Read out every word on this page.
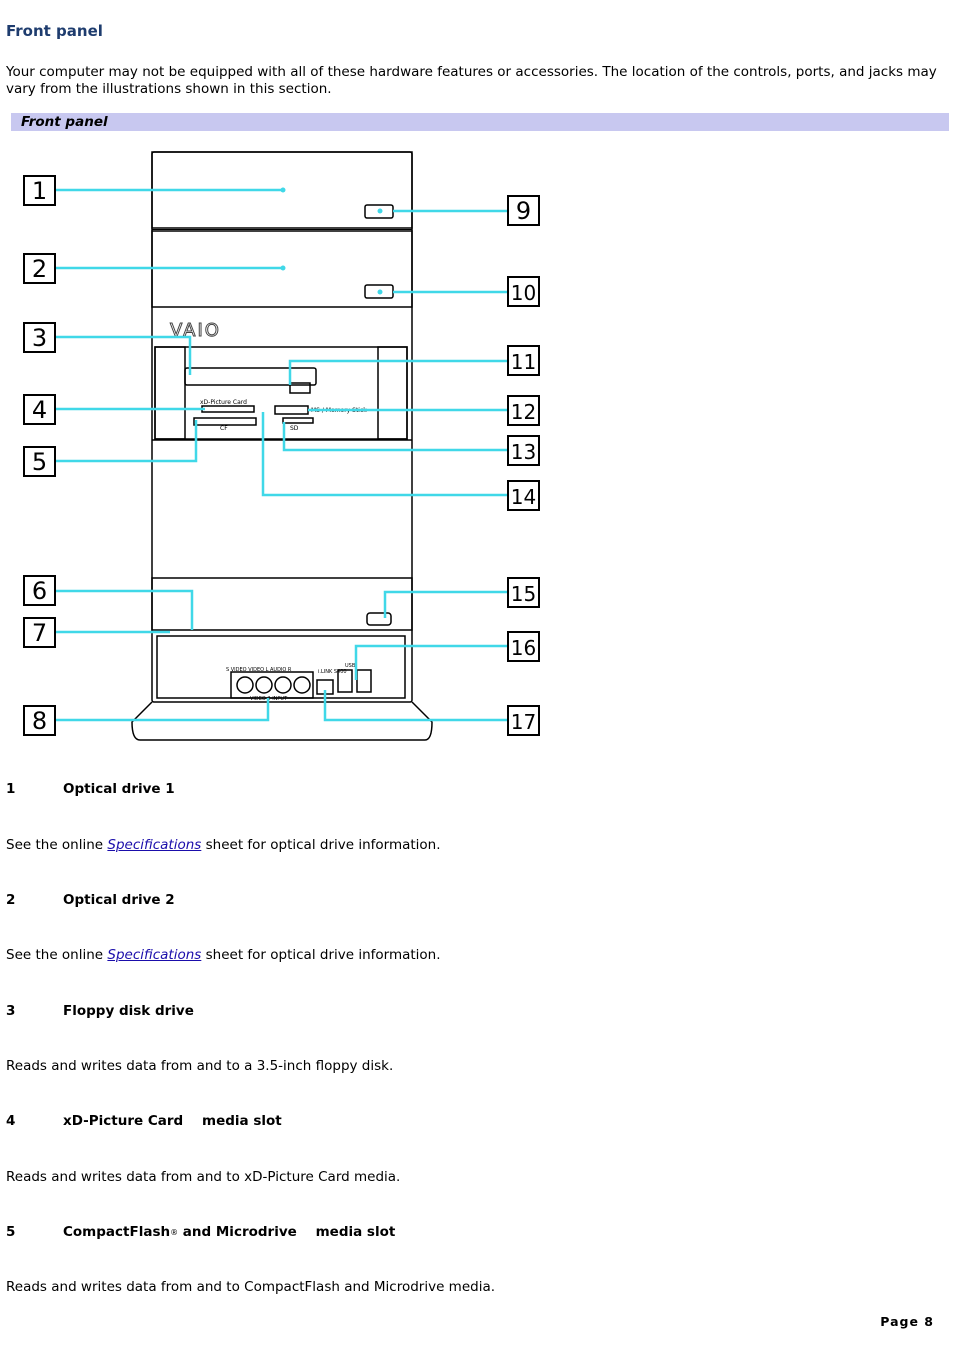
Front panel

Your computer may not be equipped with all of these hardware features or accessories. The location of the controls, ports, and jacks may vary from the illustrations shown in this section.

Front panel
xD-Picture Card
CF
MS / Memory Stick
SD
S VIDEO VIDEO L AUDIO R
VIDEO 2 INPUT
i.LINK S400
USB
VAIO
1
2
3
4
5
6
7
8
9
10
11
12
13
14
15
16
17
1	Optical drive 1

See the online Specifications sheet for optical drive information.

2	Optical drive 2

See the online Specifications sheet for optical drive information.

3	Floppy disk drive

Reads and writes data from and to a 3.5-inch floppy disk.

4	xD-Picture Card media slot

Reads and writes data from and to xD-Picture Card media.

5	CompactFlash® and Microdrive media slot

Reads and writes data from and to CompactFlash and Microdrive media.

Page 8
